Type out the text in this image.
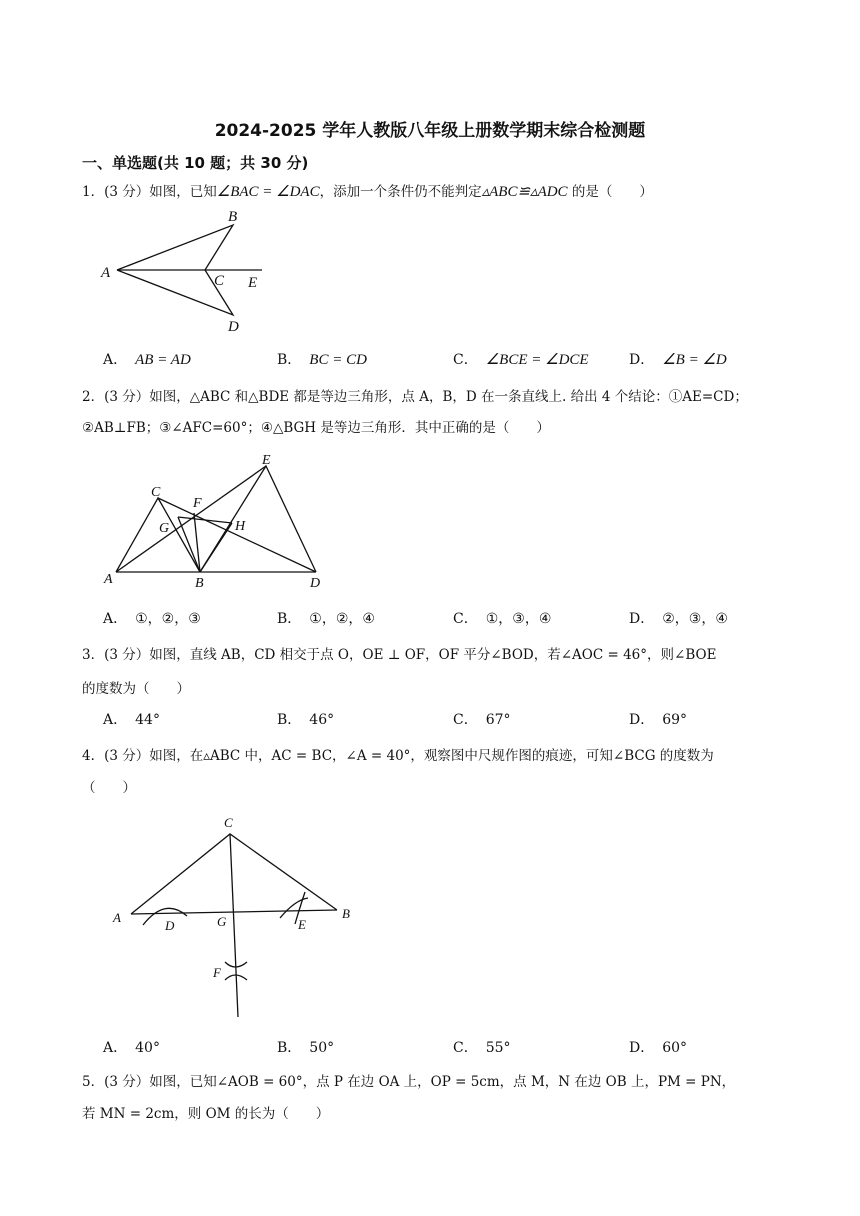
2024-2025 学年人教版八年级上册数学期末综合检测题
一、单选题(共 10 题；共 30 分)
1．(3 分）如图，已知∠BAC = ∠DAC，添加一个条件仍不能判定▵ABC≌▵ADC 的是（　　）
A
B
C
D
E
A． AB = AD	B． BC = CD	C． ∠BCE = ∠DCE	D． ∠B = ∠D
2．(3 分）如图，△ABC 和△BDE 都是等边三角形，点 A，B，D 在一条直线上. 给出 4 个结论：①AE=CD；
②AB⊥FB；③∠AFC=60°；④△BGH 是等边三角形．其中正确的是（　　）
A	B
C
D
E
F
G	H
A． ①，②，③	B． ①，②，④	C． ①，③，④	D． ②，③，④
3．(3 分）如图，直线 AB，CD 相交于点 O，OE ⊥ OF，OF 平分∠BOD，若∠AOC = 46°，则∠BOE
的度数为（　　）
A． 44°	B． 46°	C． 67°	D． 69°
4．(3 分）如图，在▵ABC 中，AC = BC，∠A = 40°，观察图中尺规作图的痕迹，可知∠BCG 的度数为
（　　）
C
A	B
D	G	E
F
A． 40°	B． 50°	C． 55°	D． 60°
5．(3 分）如图，已知∠AOB = 60°，点 P 在边 OA 上，OP = 5cm，点 M，N 在边 OB 上，PM = PN，
若 MN = 2cm，则 OM 的长为（　　）
